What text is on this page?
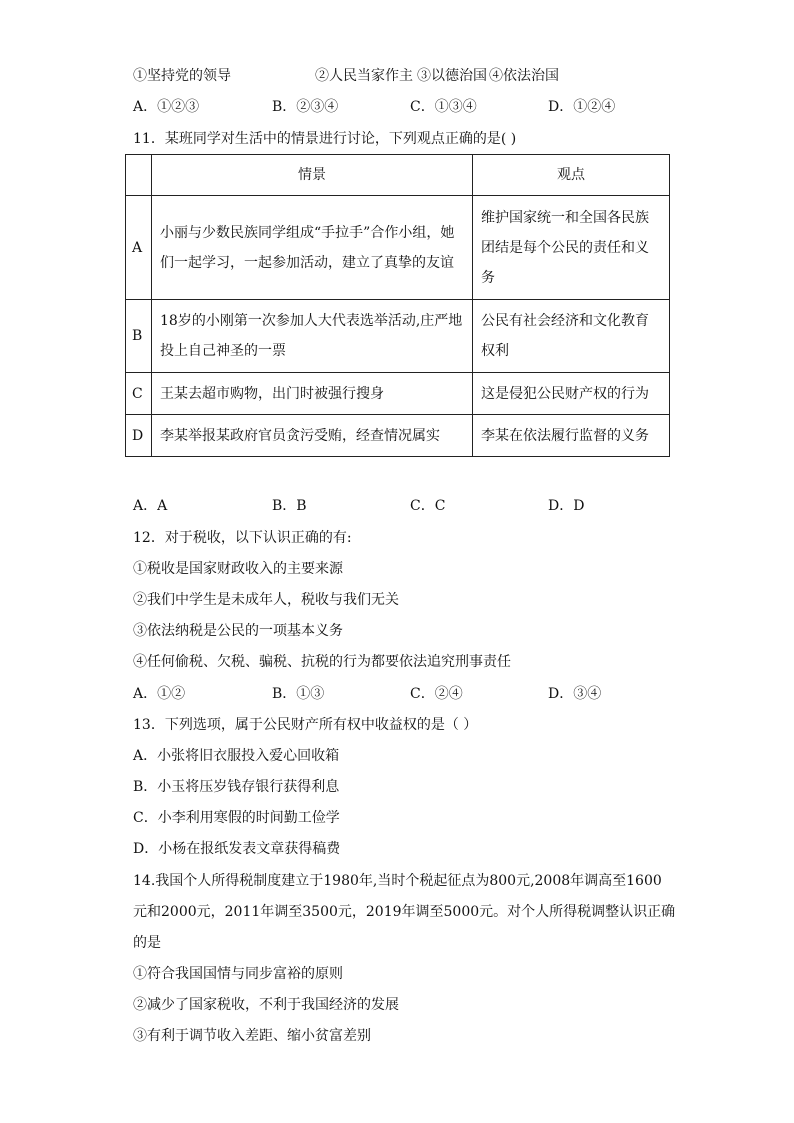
①坚持党的领导	②人民当家作主 ③以德治国 ④依法治国
A．①②③	B．②③④	C．①③④	D．①②④
11．某班同学对生活中的情景进行讨论，下列观点正确的是( )
	情景	观点
A	小丽与少数民族同学组成“手拉手”合作小组，她们一起学习，一起参加活动，建立了真挚的友谊	维护国家统一和全国各民族团结是每个公民的责任和义务
B	18岁的小刚第一次参加人大代表选举活动,庄严地投上自己神圣的一票	公民有社会经济和文化教育权利
C	王某去超市购物，出门时被强行搜身	这是侵犯公民财产权的行为
D	李某举报某政府官员贪污受贿，经查情况属实	李某在依法履行监督的义务
A．A	B．B	C．C	D．D
12．对于税收，以下认识正确的有:
①税收是国家财政收入的主要来源
②我们中学生是未成年人，税收与我们无关
③依法纳税是公民的一项基本义务
④任何偷税、欠税、骗税、抗税的行为都要依法追究刑事责任
A．①②	B．①③	C．②④	D．③④
13．下列选项，属于公民财产所有权中收益权的是（ ）
A．小张将旧衣服投入爱心回收箱
B．小玉将压岁钱存银行获得利息
C．小李利用寒假的时间勤工俭学
D．小杨在报纸发表文章获得稿费
14.我国个人所得税制度建立于1980年,当时个税起征点为800元,2008年调高至1600
元和2000元，2011年调至3500元，2019年调至5000元。对个人所得税调整认识正确
的是
①符合我国国情与同步富裕的原则
②减少了国家税收，不利于我国经济的发展
③有利于调节收入差距、缩小贫富差别
